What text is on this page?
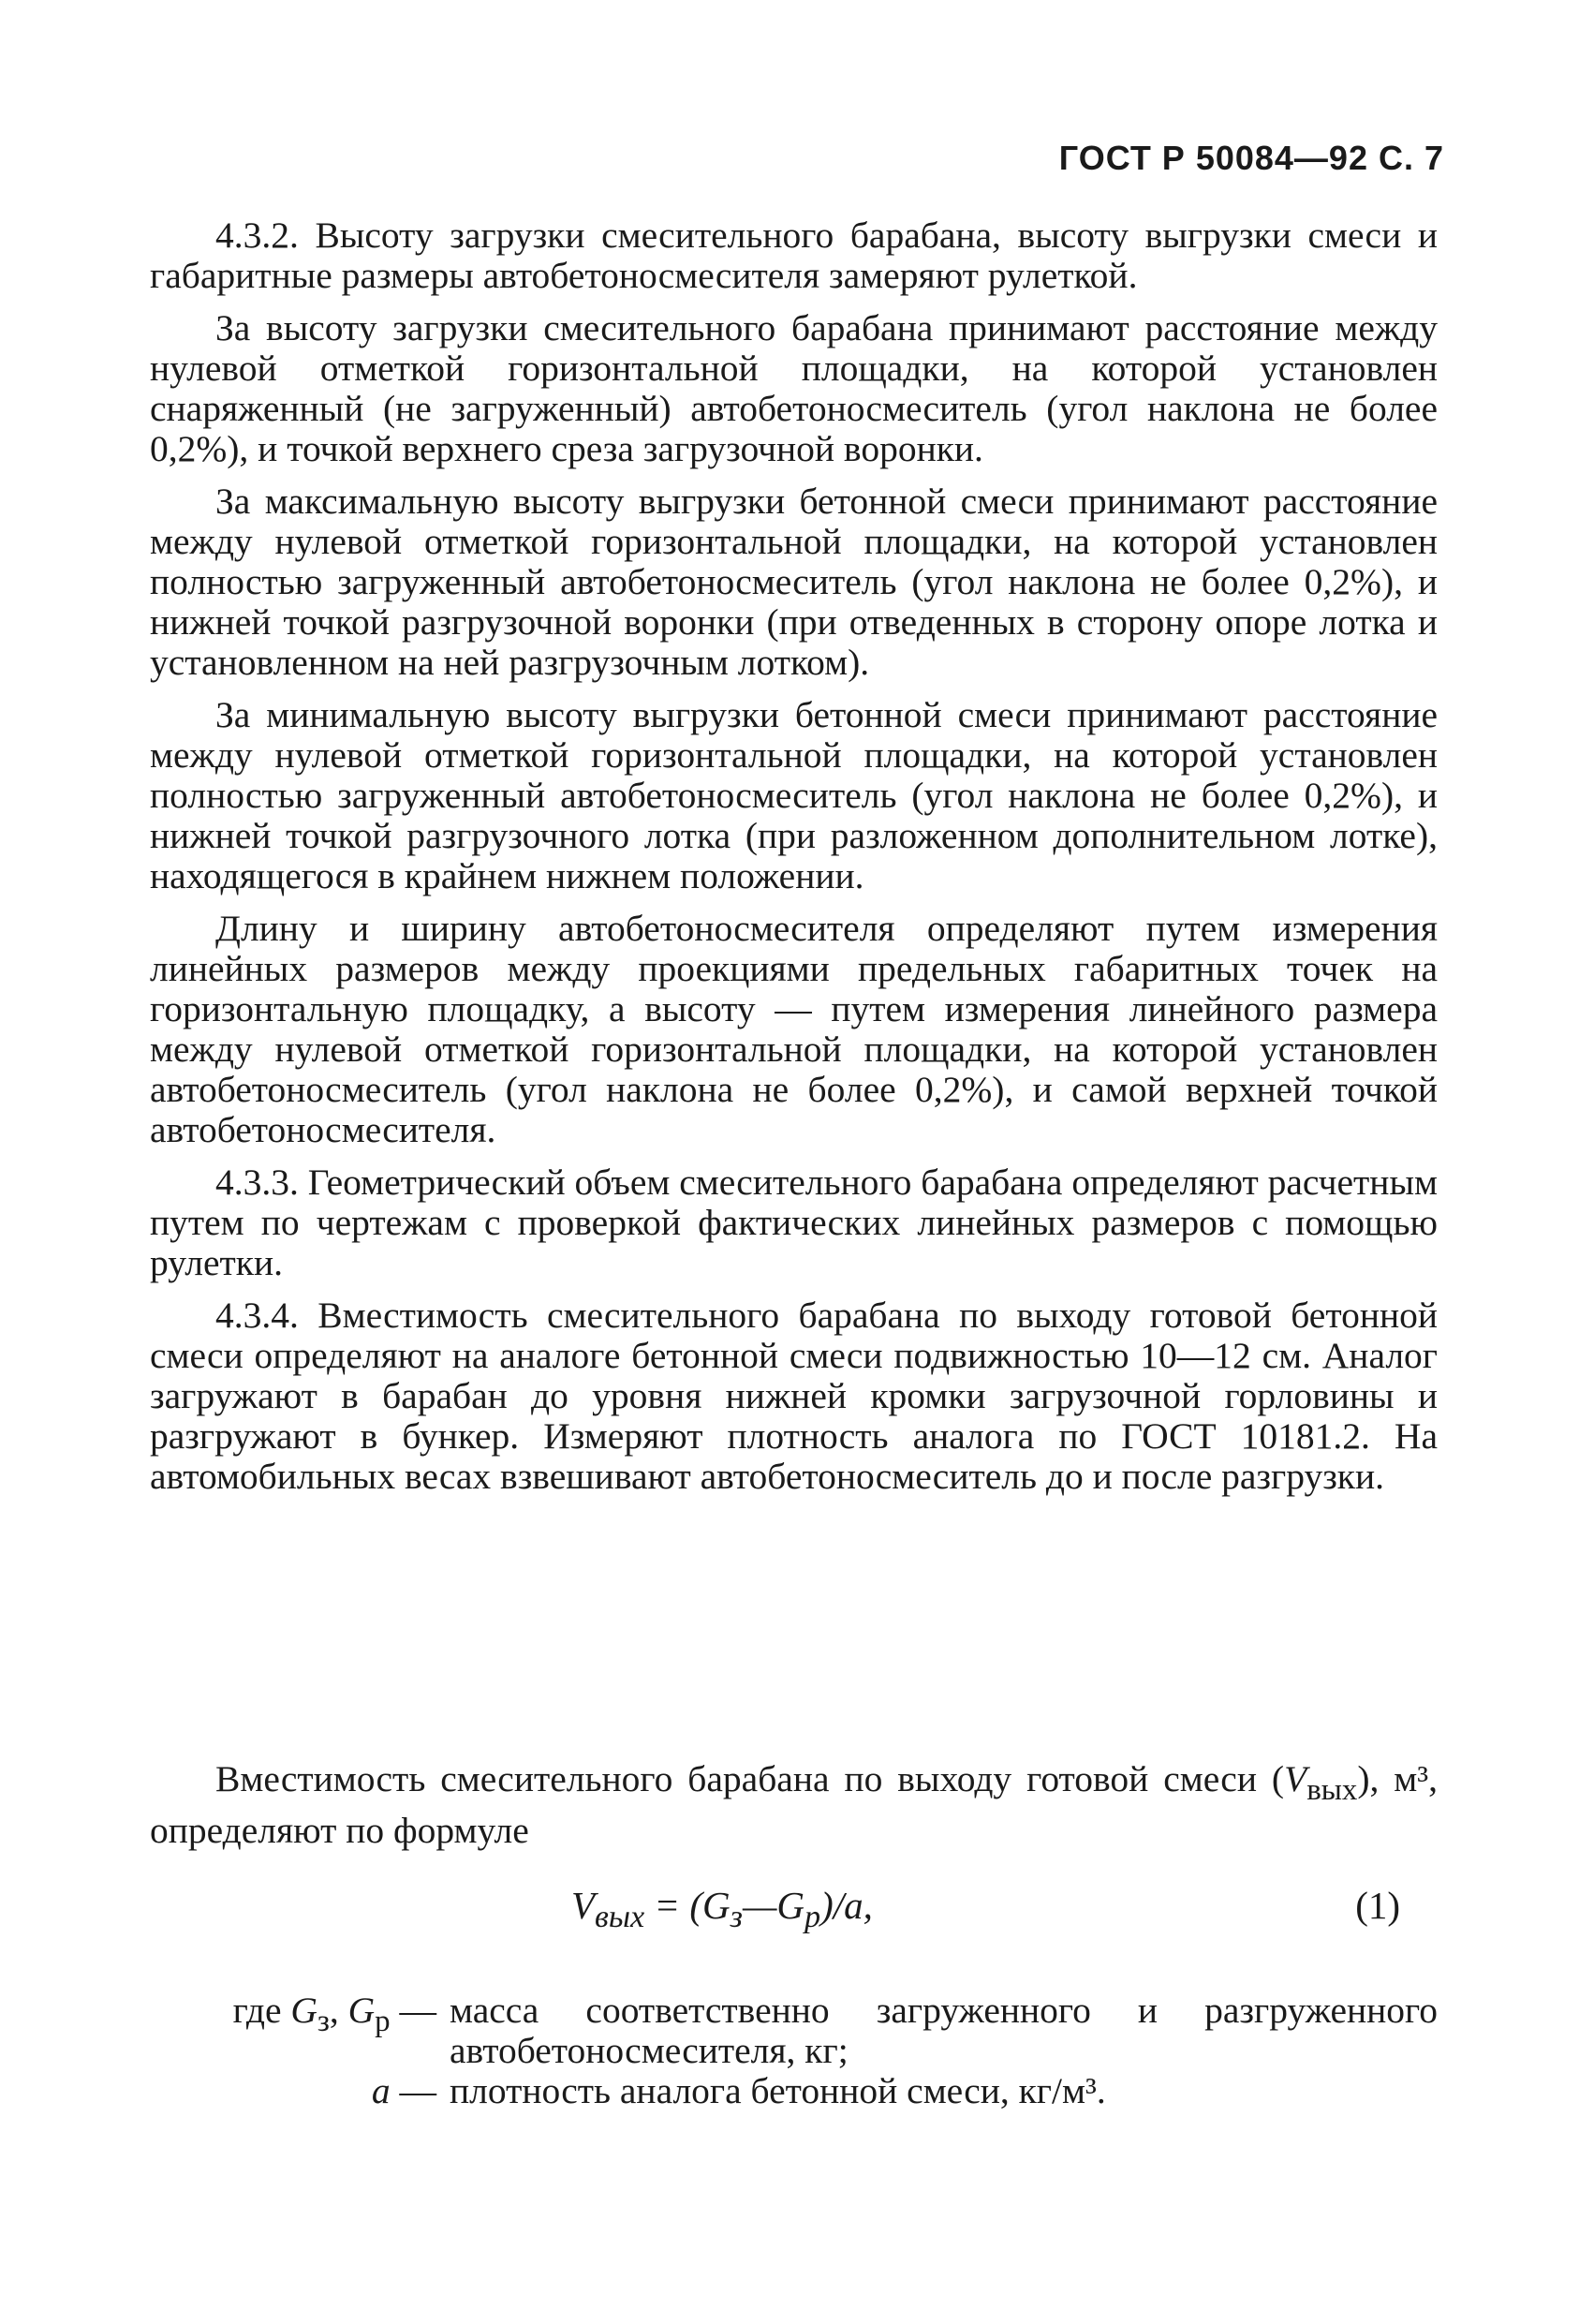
ГОСТ Р 50084—92 С. 7

4.3.2. Высоту загрузки смесительного барабана, высоту выгрузки смеси и габаритные размеры автобетоносмесителя замеряют рулеткой.

За высоту загрузки смесительного барабана принимают расстояние между нулевой отметкой горизонтальной площадки, на которой установлен снаряженный (не загруженный) автобетоносмеситель (угол наклона не более 0,2%), и точкой верхнего среза загрузочной воронки.

За максимальную высоту выгрузки бетонной смеси принимают расстояние между нулевой отметкой горизонтальной площадки, на которой установлен полностью загруженный автобетоносмеситель (угол наклона не более 0,2%), и нижней точкой разгрузочной воронки (при отведенных в сторону опоре лотка и установленном на ней разгрузочным лотком).

За минимальную высоту выгрузки бетонной смеси принимают расстояние между нулевой отметкой горизонтальной площадки, на которой установлен полностью загруженный автобетоносмеситель (угол наклона не более 0,2%), и нижней точкой разгрузочного лотка (при разложенном дополнительном лотке), находящегося в крайнем нижнем положении.

Длину и ширину автобетоносмесителя определяют путем измерения линейных размеров между проекциями предельных габаритных точек на горизонтальную площадку, а высоту — путем измерения линейного размера между нулевой отметкой горизонтальной площадки, на которой установлен автобетоносмеситель (угол наклона не более 0,2%), и самой верхней точкой автобетоносмесителя.

4.3.3. Геометрический объем смесительного барабана определяют расчетным путем по чертежам с проверкой фактических линейных размеров с помощью рулетки.

4.3.4. Вместимость смесительного барабана по выходу готовой бетонной смеси определяют на аналоге бетонной смеси подвижностью 10—12 см. Аналог загружают в барабан до уровня нижней кромки загрузочной горловины и разгружают в бункер. Измеряют плотность аналога по ГОСТ 10181.2. На автомобильных весах взвешивают автобетоносмеситель до и после разгрузки.

Вместимость смесительного барабана по выходу готовой смеси $(V_{вых})$, м³, определяют по формуле

$V_{вых}$ = $(G_з—G_р)/a$,	(1)
где $G_з$, $G_р$ — масса соответственно загруженного и разгруженного автобетоносмесителя, кг;
a — плотность аналога бетонной смеси, кг/м³.
